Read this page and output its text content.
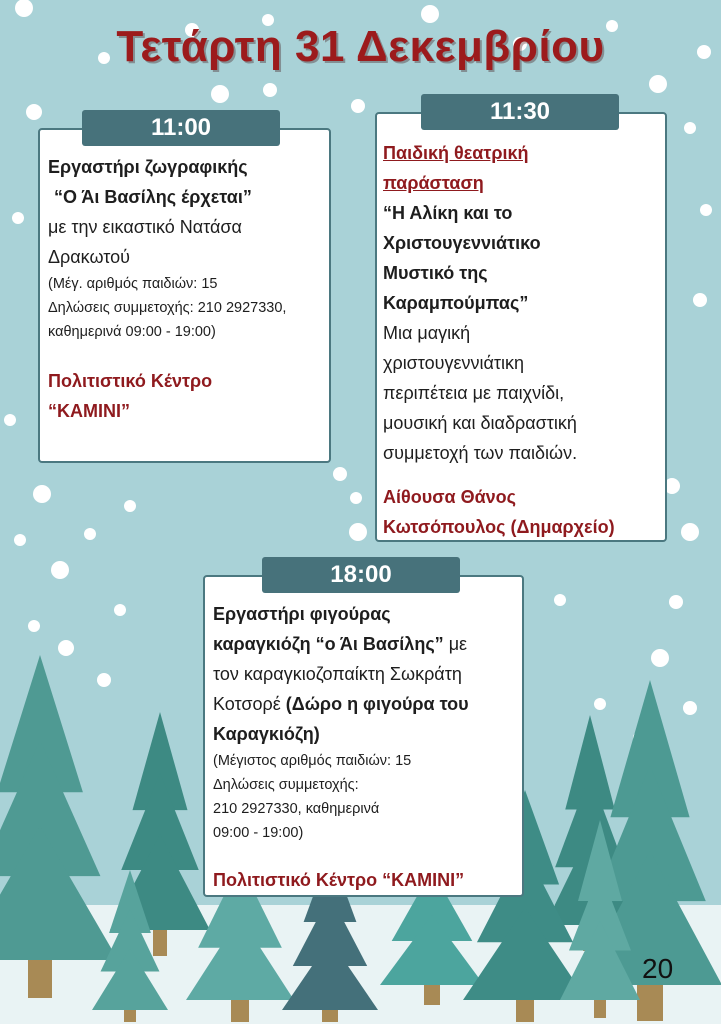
Τετάρτη 31 Δεκεμβρίου
Εργαστήρι ζωγραφικής
“Ο Άι Βασίλης έρχεται”
με την εικαστικό Νατάσα
Δρακωτού
(Μέγ. αριθμός παιδιών: 15
Δηλώσεις συμμετοχής: 210 2927330,
καθημερινά 09:00 - 19:00)
Πολιτιστικό Κέντρο
“ΚΑΜΙΝΙ”
11:00
Παιδική θεατρική
παράσταση
“Η Αλίκη και το
Χριστουγεννιάτικο
Μυστικό της
Καραμπούμπας”
Μια μαγική
χριστουγεννιάτικη
περιπέτεια με παιχνίδι,
μουσική και διαδραστική
συμμετοχή των παιδιών.
Αίθουσα Θάνος
Κωτσόπουλος (Δημαρχείο)
11:30
Εργαστήρι φιγούρας
καραγκιόζη “ο Άι Βασίλης” με
τον καραγκιοζοπαίκτη Σωκράτη
Κοτσορέ (Δώρο η φιγούρα του
Καραγκιόζη)
(Μέγιστος αριθμός παιδιών: 15
Δηλώσεις συμμετοχής:
210 2927330, καθημερινά
09:00 - 19:00)
Πολιτιστικό Κέντρο “ΚΑΜΙΝΙ”
18:00
20
